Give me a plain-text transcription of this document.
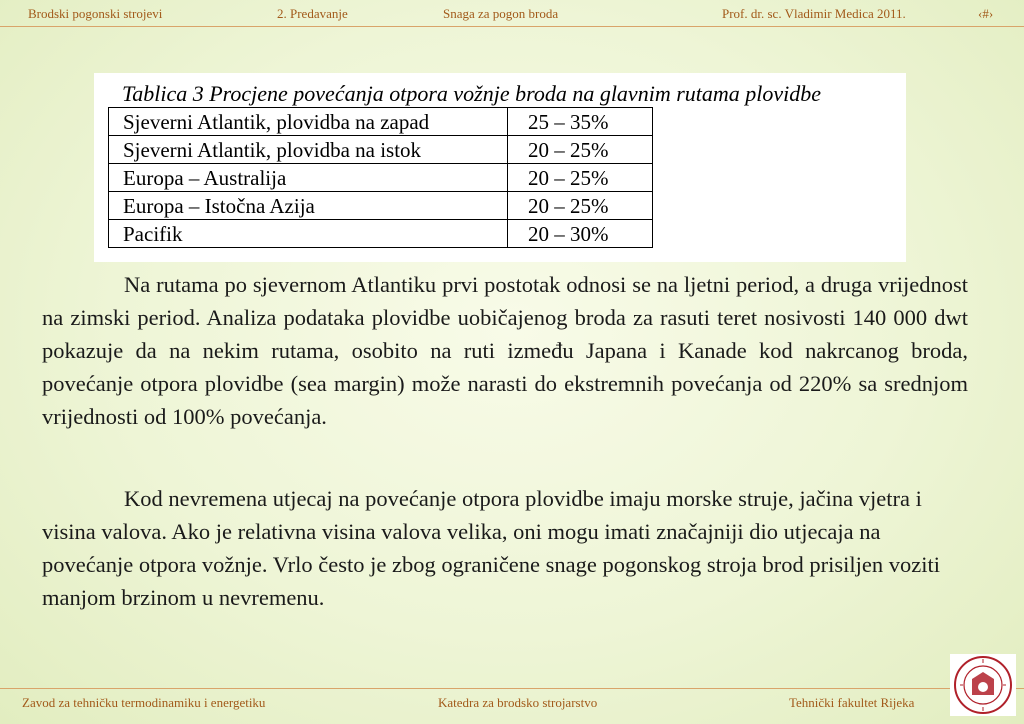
Brodski pogonski strojevi	2. Predavanje	Snaga za pogon broda	Prof. dr. sc. Vladimir Medica 2011.	‹#›
Tablica 3 Procjene povećanja otpora vožnje broda na glavnim rutama plovidbe
Sjeverni Atlantik, plovidba na zapad	25 – 35%
Sjeverni Atlantik, plovidba na istok	20 – 25%
Europa – Australija	20 – 25%
Europa – Istočna Azija	20 – 25%
Pacifik	20 – 30%

Na rutama po sjevernom Atlantiku prvi postotak odnosi se na ljetni period, a druga vrijednost na zimski period. Analiza podataka plovidbe uobičajenog broda za rasuti teret nosivosti 140 000 dwt pokazuje da na nekim rutama, osobito na ruti između Japana i Kanade kod nakrcanog broda, povećanje otpora plovidbe (sea margin) može narasti do ekstremnih povećanja od 220% sa srednjom vrijednosti od 100% povećanja.

Kod nevremena utjecaj na povećanje otpora plovidbe imaju morske struje, jačina vjetra i visina valova. Ako je relativna visina valova velika, oni mogu imati značajniji dio utjecaja na povećanje otpora vožnje. Vrlo često je zbog ograničene snage pogonskog stroja brod prisiljen voziti manjom brzinom u nevremenu.

Zavod za tehničku termodinamiku i energetiku	Katedra za brodsko strojarstvo	Tehnički fakultet Rijeka
